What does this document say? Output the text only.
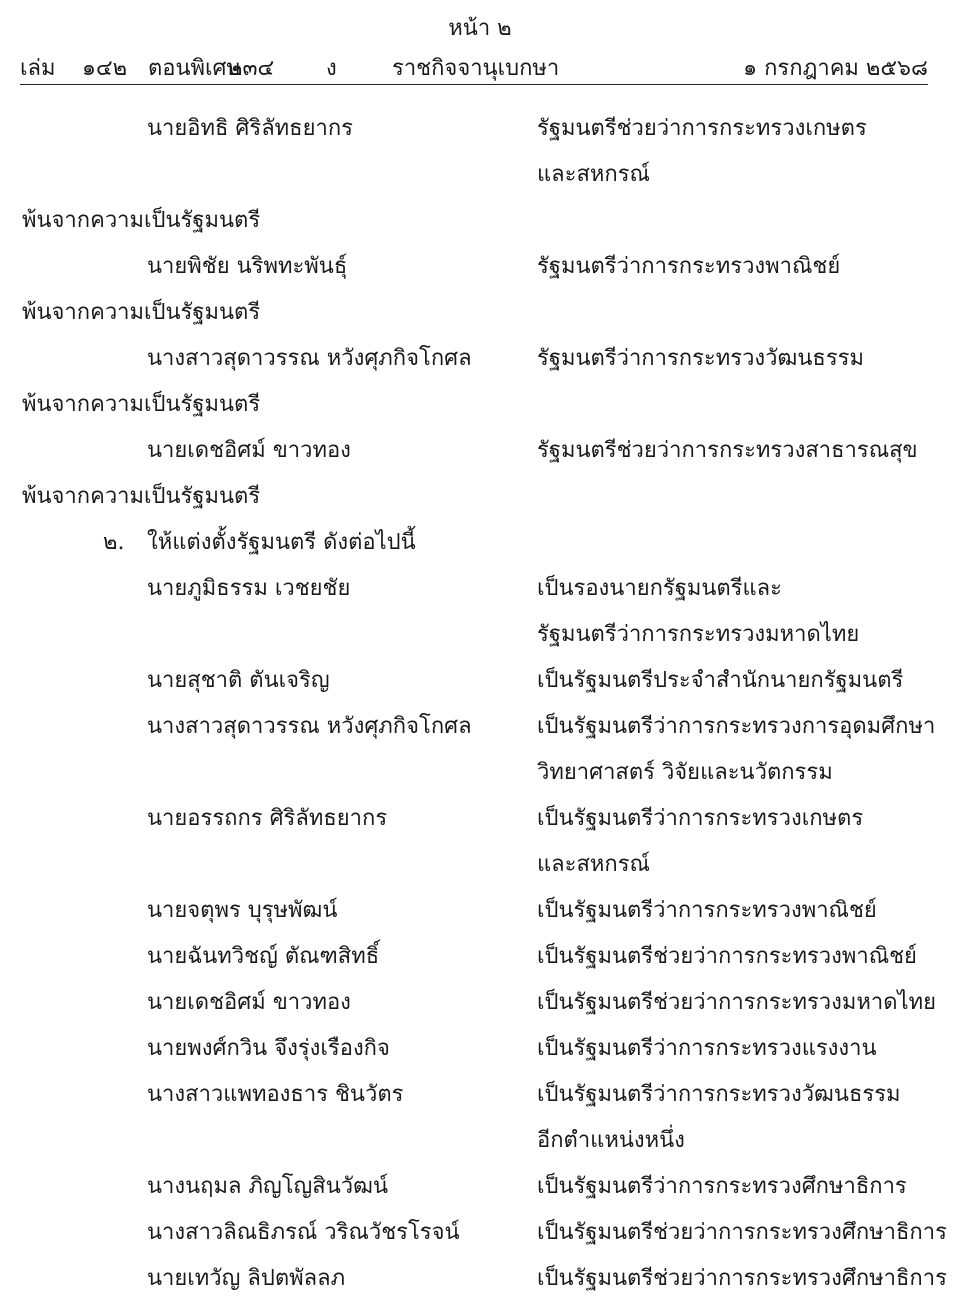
หน้า ๒
เล่ม ๑๔๒ ตอนพิเศษ
๒๓๔ ง	ราชกิจจานุเบกษา	๑ กรกฎาคม ๒๕๖๘
นายอิทธิ ศิริลัทธยากร	รัฐมนตรีช่วยว่าการกระทรวงเกษตร
และสหกรณ์
พ้นจากความเป็นรัฐมนตรี
นายพิชัย นริพทะพันธุ์	รัฐมนตรีว่าการกระทรวงพาณิชย์
พ้นจากความเป็นรัฐมนตรี
นางสาวสุดาวรรณ หวังศุภกิจโกศล	รัฐมนตรีว่าการกระทรวงวัฒนธรรม
พ้นจากความเป็นรัฐมนตรี
นายเดชอิศม์ ขาวทอง	รัฐมนตรีช่วยว่าการกระทรวงสาธารณสุข
พ้นจากความเป็นรัฐมนตรี
๒. ให้แต่งตั้งรัฐมนตรี ดังต่อไปนี้
นายภูมิธรรม เวชยชัย	เป็นรองนายกรัฐมนตรีและ
รัฐมนตรีว่าการกระทรวงมหาดไทย
นายสุชาติ ตันเจริญ	เป็นรัฐมนตรีประจำสำนักนายกรัฐมนตรี
นางสาวสุดาวรรณ หวังศุภกิจโกศล	เป็นรัฐมนตรีว่าการกระทรวงการอุดมศึกษา
วิทยาศาสตร์ วิจัยและนวัตกรรม
นายอรรถกร ศิริลัทธยากร	เป็นรัฐมนตรีว่าการกระทรวงเกษตร
และสหกรณ์
นายจตุพร บุรุษพัฒน์	เป็นรัฐมนตรีว่าการกระทรวงพาณิชย์
นายฉันทวิชญ์ ตัณฑสิทธิ์	เป็นรัฐมนตรีช่วยว่าการกระทรวงพาณิชย์
นายเดชอิศม์ ขาวทอง	เป็นรัฐมนตรีช่วยว่าการกระทรวงมหาดไทย
นายพงศ์กวิน จึงรุ่งเรืองกิจ	เป็นรัฐมนตรีว่าการกระทรวงแรงงาน
นางสาวแพทองธาร ชินวัตร	เป็นรัฐมนตรีว่าการกระทรวงวัฒนธรรม
อีกตำแหน่งหนึ่ง
นางนฤมล ภิญโญสินวัฒน์	เป็นรัฐมนตรีว่าการกระทรวงศึกษาธิการ
นางสาวลิณธิภรณ์ วริณวัชรโรจน์	เป็นรัฐมนตรีช่วยว่าการกระทรวงศึกษาธิการ
นายเทวัญ ลิปตพัลลภ	เป็นรัฐมนตรีช่วยว่าการกระทรวงศึกษาธิการ
